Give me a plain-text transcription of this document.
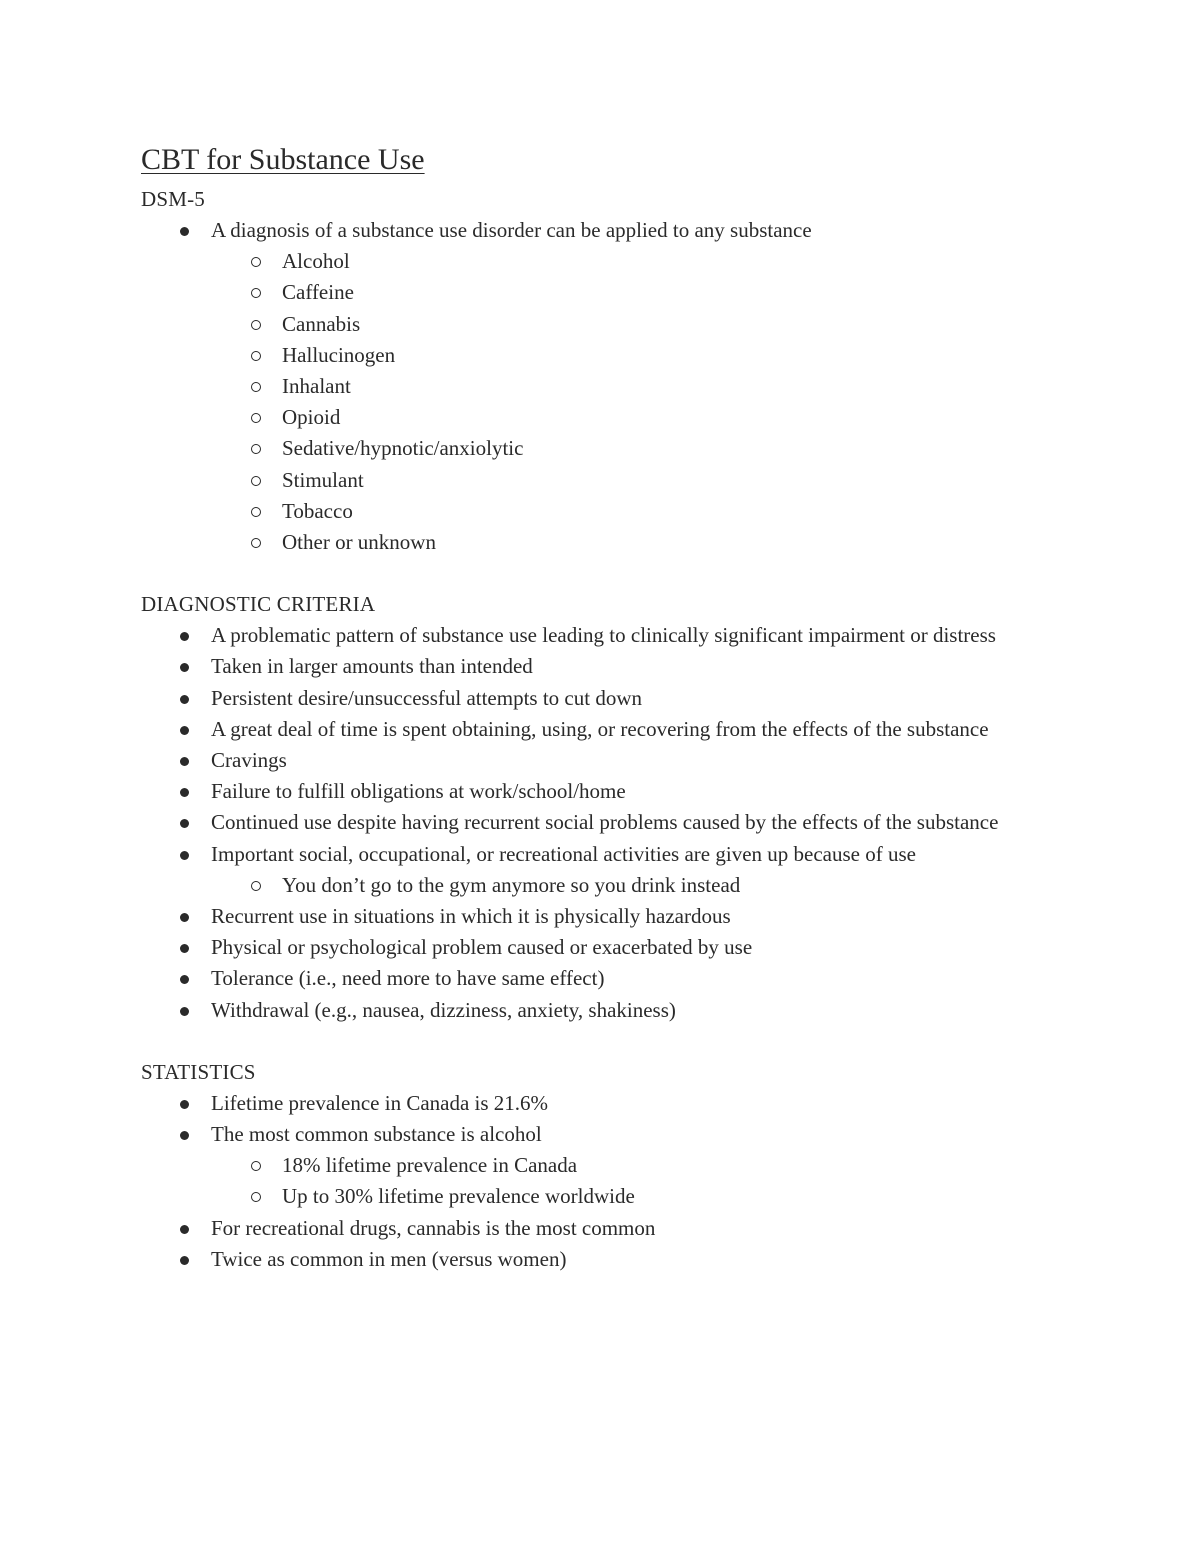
CBT for Substance Use
DSM-5
A diagnosis of a substance use disorder can be applied to any substance
Alcohol
Caffeine
Cannabis
Hallucinogen
Inhalant
Opioid
Sedative/hypnotic/anxiolytic
Stimulant
Tobacco
Other or unknown
DIAGNOSTIC CRITERIA
A problematic pattern of substance use leading to clinically significant impairment or distress
Taken in larger amounts than intended
Persistent desire/unsuccessful attempts to cut down
A great deal of time is spent obtaining, using, or recovering from the effects of the substance
Cravings
Failure to fulfill obligations at work/school/home
Continued use despite having recurrent social problems caused by the effects of the substance
Important social, occupational, or recreational activities are given up because of use
You don’t go to the gym anymore so you drink instead
Recurrent use in situations in which it is physically hazardous
Physical or psychological problem caused or exacerbated by use
Tolerance (i.e., need more to have same effect)
Withdrawal (e.g., nausea, dizziness, anxiety, shakiness)
STATISTICS
Lifetime prevalence in Canada is 21.6%
The most common substance is alcohol
18% lifetime prevalence in Canada
Up to 30% lifetime prevalence worldwide
For recreational drugs, cannabis is the most common
Twice as common in men (versus women)
